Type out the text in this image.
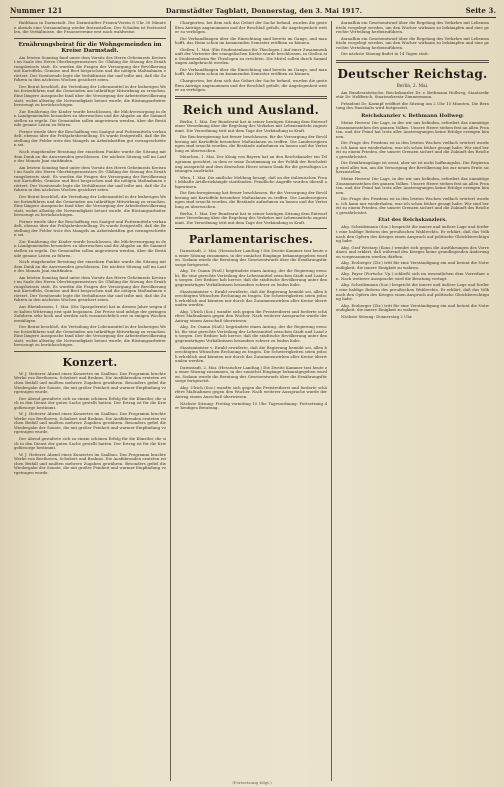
Nummer 121	Darmstädter Tagblatt, Donnerstag, den 3. Mai 1917.	Seite 3.

Rathhaus in Darmstadt. Die Darmstädter Frauen-Verein 8 Uhr 30 Minuten abends eine Vorsammlung wieder festzustellen. Der Schaden ist festzustellen, die Verhältnisse, die Frauenvereine erst nach wahlweise.

Ernährungsbeirat für die Wohngemeinden im Kreise Darmstadt.

Am letzten Sonntag fand unter dem Vorsitz des Herrn Geheimrats Kreisrat im Saale des Herrn Oberbürgermeisters Dr. Gläßing die Sitzung des Ernährungsbeirats statt. Es wurden die Fragen der Versorgung der Bevölkerung mit Kartoffeln, Gemüse und Brot besprochen und die nötigen Maßnahmen erörtert. Der Vorsitzende legte die Verhältnisse dar und teilte mit, daß die Zufuhren in den nächsten Wochen gesichert seien.

Der Beirat beschloß, die Verteilung der Lebensmittel in der bisherigen Weise fortzuführen und die Gemeinden um tatkräftige Mitwirkung zu ersuchen. Eine längere Aussprache fand über die Versorgung der Arbeiterbevölkerung statt, wobei allseitig die Notwendigkeit betont wurde, die Rüstungsarbeiter bevorzugt zu berücksichtigen.

Zur Ernährung der Kinder wurde beschlossen, die Milchversorgung in den Landgemeinden besonders zu überwachen und die Abgabe an die Sammelstellen zu regeln. Die Gemeinden sollen angewiesen werden, über die Bestände genaue Listen zu führen.

Ferner wurde über die Beschaffung von Saatgut und Futtermitteln verhandelt, ebenso über die Frühjahrsbestellung. Es wurde festgestellt, daß die Bestellung der Felder trotz des Mangels an Arbeitskräften gut vorangeschritten sei.

Nach eingehender Beratung der einzelnen Punkte wurde die Sitzung mit dem Dank an die Anwesenden geschlossen. Die nächste Sitzung soll im Laufe des Monats Juni stattfinden.

Am letzten Sonntag fand unter dem Vorsitz des Herrn Geheimrats Kreisrat im Saale des Herrn Oberbürgermeisters Dr. Gläßing die Sitzung des Ernährungsbeirats statt. Es wurden die Fragen der Versorgung der Bevölkerung mit Kartoffeln, Gemüse und Brot besprochen und die nötigen Maßnahmen erörtert. Der Vorsitzende legte die Verhältnisse dar und teilte mit, daß die Zufuhren in den nächsten Wochen gesichert seien.

Der Beirat beschloß, die Verteilung der Lebensmittel in der bisherigen Weise fortzuführen und die Gemeinden um tatkräftige Mitwirkung zu ersuchen. Eine längere Aussprache fand über die Versorgung der Arbeiterbevölkerung statt, wobei allseitig die Notwendigkeit betont wurde, die Rüstungsarbeiter bevorzugt zu berücksichtigen.

Ferner wurde über die Beschaffung von Saatgut und Futtermitteln verhandelt, ebenso über die Frühjahrsbestellung. Es wurde festgestellt, daß die Bestellung der Felder trotz des Mangels an Arbeitskräften gut vorangeschritten sei.

Zur Ernährung der Kinder wurde beschlossen, die Milchversorgung in den Landgemeinden besonders zu überwachen und die Abgabe an die Sammelstellen zu regeln. Die Gemeinden sollen angewiesen werden, über die Bestände genaue Listen zu führen.

Nach eingehender Beratung der einzelnen Punkte wurde die Sitzung mit dem Dank an die Anwesenden geschlossen. Die nächste Sitzung soll im Laufe des Monats Juni stattfinden.

Am letzten Sonntag fand unter dem Vorsitz des Herrn Geheimrats Kreisrat im Saale des Herrn Oberbürgermeisters Dr. Gläßing die Sitzung des Ernährungsbeirats statt. Es wurden die Fragen der Versorgung der Bevölkerung mit Kartoffeln, Gemüse und Brot besprochen und die nötigen Maßnahmen erörtert. Der Vorsitzende legte die Verhältnisse dar und teilte mit, daß die Zufuhren in den nächsten Wochen gesichert seien.

Aus Rheinhessen, 1. Mai. (Die Spargelernte) hat in diesem Jahre wegen der kalten Witterung erst spät begonnen. Die Preise sind infolge der geringen Zufuhren sehr hoch und werden sich voraussichtlich erst in einigen Wochen ermäßigen.

Der Beirat beschloß, die Verteilung der Lebensmittel in der bisherigen Weise fortzuführen und die Gemeinden um tatkräftige Mitwirkung zu ersuchen. Eine längere Aussprache fand über die Versorgung der Arbeiterbevölkerung statt, wobei allseitig die Notwendigkeit betont wurde, die Rüstungsarbeiter bevorzugt zu berücksichtigen.

Konzert.

W. J. Heiterer Abend eines Konzertes im Saalbau: Das Programm brachte Werke von Beethoven, Schubert und Brahms. Die Ausführenden ernteten reichen Beifall und mußten mehrere Zugaben gewähren. Besonders gefiel die Wiedergabe der Sonate, die mit großer Feinheit und warmer Empfindung vorgetragen wurde.

Der Abend gestaltete sich zu einem schönen Erfolg für die Künstler, die sich in den Dienst der guten Sache gestellt hatten. Der Ertrag ist für die Kriegsfürsorge bestimmt.

W. J. Heiterer Abend eines Konzertes im Saalbau: Das Programm brachte Werke von Beethoven, Schubert und Brahms. Die Ausführenden ernteten reichen Beifall und mußten mehrere Zugaben gewähren. Besonders gefiel die Wiedergabe der Sonate, die mit großer Feinheit und warmer Empfindung vorgetragen wurde.

Der Abend gestaltete sich zu einem schönen Erfolg für die Künstler, die sich in den Dienst der guten Sache gestellt hatten. Der Ertrag ist für die Kriegsfürsorge bestimmt.

W. J. Heiterer Abend eines Konzertes im Saalbau: Das Programm brachte Werke von Beethoven, Schubert und Brahms. Die Ausführenden ernteten reichen Beifall und mußten mehrere Zugaben gewähren. Besonders gefiel die Wiedergabe der Sonate, die mit großer Feinheit und warmer Empfindung vorgetragen wurde.

Chargierten, bei dem sich das Gebiet der Sache befand, wurden die gestellten Anträge angenommen und der Beschluß gefaßt, die Angelegenheit weiter zu verfolgen.

Die Verhandlungen über die Einrichtung sind bereits im Gange, und man hofft, das Heim schon im kommenden Semester eröffnen zu können.

Gießen, 1. Mai. (Ein Studentenhaus für Theologen.) Auf einer Zusammenkunft der Vertreter der evangelischen Kirche wurde beschlossen, in Gießen ein Studentenheim für Theologen zu errichten. Die Mittel sollen durch Sammlungen aufgebracht werden.

Die Verhandlungen über die Einrichtung sind bereits im Gange, und man hofft, das Heim schon im kommenden Semester eröffnen zu können.

Chargierten, bei dem sich das Gebiet der Sache befand, wurden die gestellten Anträge angenommen und der Beschluß gefaßt, die Angelegenheit weiter zu verfolgen.

Reich und Ausland.

Berlin, 1. Mai. Der Bundesrat hat in seiner heutigen Sitzung dem Entwurf einer Verordnung über die Regelung des Verkehrs mit Lebensmitteln zugestimmt. Die Verordnung tritt mit dem Tage der Verkündung in Kraft.

Die Reichsregierung hat ferner beschlossen, für die Versorgung der Bevölkerung mit Kartoffeln besondere Maßnahmen zu treffen. Die Landesregierungen sind ersucht worden, die Bestände aufnehmen zu lassen und die Verteilung zu überwachen.

München, 1. Mai. Der König von Bayern hat an den Reichskanzler ein Telegramm gerichtet, in dem er seine Zustimmung zu der Politik der Reichsleitung ausspricht und dem deutschen Heere seinen Dank für die gewaltigen Leistungen ausdrückt.

Wien, 1. Mai. Die amtliche Meldung besagt, daß an der italienischen Front lebhafte Artilleriekämpfe stattfanden. Feindliche Angriffe wurden überall abgewiesen.

Die Reichsregierung hat ferner beschlossen, für die Versorgung der Bevölkerung mit Kartoffeln besondere Maßnahmen zu treffen. Die Landesregierungen sind ersucht worden, die Bestände aufnehmen zu lassen und die Verteilung zu überwachen.

Berlin, 1. Mai. Der Bundesrat hat in seiner heutigen Sitzung dem Entwurf einer Verordnung über die Regelung des Verkehrs mit Lebensmitteln zugestimmt. Die Verordnung tritt mit dem Tage der Verkündung in Kraft.

Parlamentarisches.

Darmstadt, 2. Mai. (Hessischer Landtag.) Die Zweite Kammer trat heute zu einer Sitzung zusammen, in der zunächst Eingänge bekanntgegeben wurden. Sodann wurde die Beratung des Gesetzentwurfs über die Ernährungsfürsorge fortgesetzt.

Abg. Dr. Osann (Natl.) begründete einen Antrag, der die Regierung ersucht, für eine gerechte Verteilung der Lebensmittel zwischen Stadt und Land zu sorgen. Der Redner hob hervor, daß die städtische Bevölkerung unter den gegenwärtigen Verhältnissen besonders schwer zu leiden habe.

Staatsminister v. Ewald erwiderte, daß die Regierung bemüht sei, allen berechtigten Wünschen Rechnung zu tragen. Die Schwierigkeiten seien jedoch erheblich und könnten nur durch das Zusammenwirken aller Kreise überwunden werden.

Abg. Ulrich (Soz.) wandte sich gegen die Preistreiberei und forderte schärfere Maßnahmen gegen den Wucher. Nach weiterer Aussprache wurde der Antrag einem Ausschuß überwiesen.

Abg. Dr. Osann (Natl.) begründete einen Antrag, der die Regierung ersucht, für eine gerechte Verteilung der Lebensmittel zwischen Stadt und Land zu sorgen. Der Redner hob hervor, daß die städtische Bevölkerung unter den gegenwärtigen Verhältnissen besonders schwer zu leiden habe.

Staatsminister v. Ewald erwiderte, daß die Regierung bemüht sei, allen berechtigten Wünschen Rechnung zu tragen. Die Schwierigkeiten seien jedoch erheblich und könnten nur durch das Zusammenwirken aller Kreise überwunden werden.

Darmstadt, 2. Mai. (Hessischer Landtag.) Die Zweite Kammer trat heute zu einer Sitzung zusammen, in der zunächst Eingänge bekanntgegeben wurden. Sodann wurde die Beratung des Gesetzentwurfs über die Ernährungsfürsorge fortgesetzt.

Abg. Ulrich (Soz.) wandte sich gegen die Preistreiberei und forderte schärfere Maßnahmen gegen den Wucher. Nach weiterer Aussprache wurde der Antrag einem Ausschuß überwiesen.

Nächste Sitzung: Freitag vormittag 10 Uhr. Tagesordnung: Fortsetzung der heutigen Beratung.

daraufhin ein Gesetzentwurf über die Regelung des Verkehrs mit Lebensmitteln vorgelegt werden, um den Wucher wirksam zu bekämpfen und eine gerechte Verteilung herbeizuführen.

daraufhin ein Gesetzentwurf über die Regelung des Verkehrs mit Lebensmitteln vorgelegt werden, um den Wucher wirksam zu bekämpfen und eine gerechte Verteilung herbeizuführen.

Die nächste Sitzung findet in 14 Tagen statt.

Deutscher Reichstag.
Berlin, 2. Mai.

Am Bundesratstische: Reichskanzler Dr. v. Bethmann Hollweg, Staatssekretär Dr. Helfferich, Staatssekretär Zimmermann.

Präsident Dr. Kaempf eröffnet die Sitzung um 2 Uhr 15 Minuten. Die Beratung des Haushalts wird fortgesetzt.

Reichskanzler v. Bethmann Hollweg:

Meine Herren! Die Lage, in der wir uns befinden, erfordert das einmütige Zusammenstehen des ganzen Volkes. Unsere Heere stehen fest an allen Fronten, und der Feind hat trotz aller Anstrengungen keine Erfolge erringen können.

Die Frage des Friedens ist in den letzten Wochen vielfach erörtert worden. Ich kann nur wiederholen, was ich schon früher gesagt habe: Wir sind bereit zu einem Frieden, der unsere Grenzen sichert und die Zukunft des Reiches gewährleistet.

Die Ernährungslage ist ernst, aber sie ist nicht hoffnungslos. Die Regierung wird alles tun, um die Versorgung der Bevölkerung bis zur neuen Ernte sicherzustellen.

Meine Herren! Die Lage, in der wir uns befinden, erfordert das einmütige Zusammenstehen des ganzen Volkes. Unsere Heere stehen fest an allen Fronten, und der Feind hat trotz aller Anstrengungen keine Erfolge erringen können.

Die Frage des Friedens ist in den letzten Wochen vielfach erörtert worden. Ich kann nur wiederholen, was ich schon früher gesagt habe: Wir sind bereit zu einem Frieden, der unsere Grenzen sichert und die Zukunft des Reiches gewährleistet.

Etat des Reichskanzlers.

Abg. Scheidemann (Soz.) bespricht die innere und äußere Lage und fordert eine baldige Reform des preußischen Wahlrechts. Er erklärt, daß das Volk nach den Opfern des Krieges einen Anspruch auf politische Gleichberechtigung habe.

Abg. Graf Westarp (Kons.) wendet sich gegen die Ausführungen des Vorredners und erklärt, daß während des Krieges keine grundlegenden Änderungen vorgenommen werden dürften.

Abg. Erzberger (Ztr.) tritt für eine Verständigung ein und betont die Notwendigkeit, die innere Einigkeit zu wahren.

Abg. Payer (Fortschr. Vp.) schließt sich im wesentlichen dem Vorredner an. Nach weiterer Aussprache wird die Beratung vertagt.

Abg. Scheidemann (Soz.) bespricht die innere und äußere Lage und fordert eine baldige Reform des preußischen Wahlrechts. Er erklärt, daß das Volk nach den Opfern des Krieges einen Anspruch auf politische Gleichberechtigung habe.

Abg. Erzberger (Ztr.) tritt für eine Verständigung ein und betont die Notwendigkeit, die innere Einigkeit zu wahren.

Nächste Sitzung: Donnerstag 2 Uhr.

(Fortsetzung folgt.)
